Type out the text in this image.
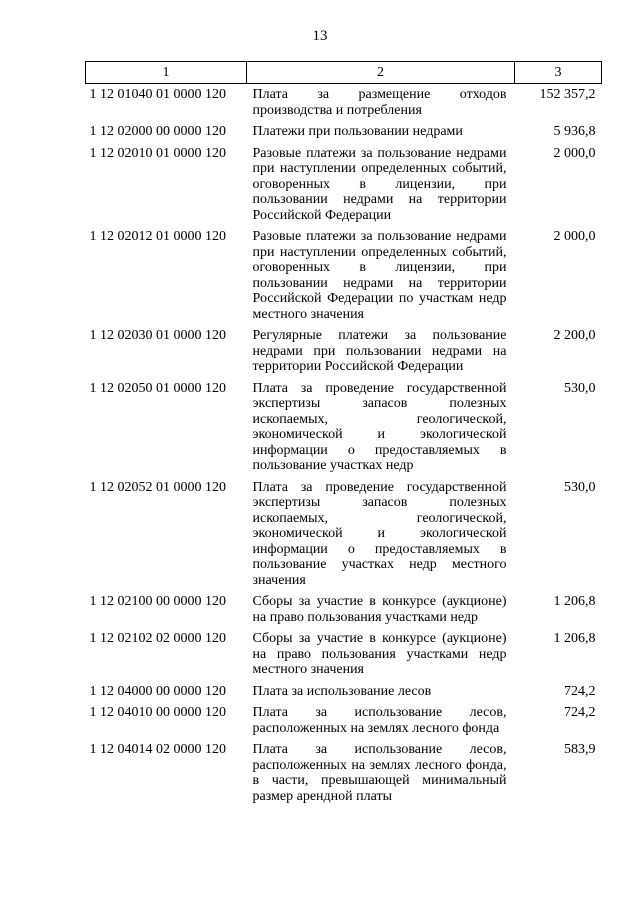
13
1	2	3
1 12 01040 01 0000 120	Плата за размещение отходов производства и потребления	152 357,2
1 12 02000 00 0000 120	Платежи при пользовании недрами	5 936,8
1 12 02010 01 0000 120	Разовые платежи за пользование недрами при наступлении определенных событий, оговоренных в лицензии, при пользовании недрами на территории Российской Федерации	2 000,0
1 12 02012 01 0000 120	Разовые платежи за пользование недрами при наступлении определенных событий, оговоренных в лицензии, при пользовании недрами на территории Российской Федерации по участкам недр местного значения	2 000,0
1 12 02030 01 0000 120	Регулярные платежи за пользование недрами при пользовании недрами на территории Российской Федерации	2 200,0
1 12 02050 01 0000 120	Плата за проведение государственной экспертизы запасов полезных ископаемых, геологической, экономической и экологической информации о предоставляемых в пользование участках недр	530,0
1 12 02052 01 0000 120	Плата за проведение государственной экспертизы запасов полезных ископаемых, геологической, экономической и экологической информации о предоставляемых в пользование участках недр местного значения	530,0
1 12 02100 00 0000 120	Сборы за участие в конкурсе (аукционе) на право пользования участками недр	1 206,8
1 12 02102 02 0000 120	Сборы за участие в конкурсе (аукционе) на право пользования участками недр местного значения	1 206,8
1 12 04000 00 0000 120	Плата за использование лесов	724,2
1 12 04010 00 0000 120	Плата за использование лесов, расположенных на землях лесного фонда	724,2
1 12 04014 02 0000 120	Плата за использование лесов, расположенных на землях лесного фонда, в части, превышающей минимальный размер арендной платы	583,9
